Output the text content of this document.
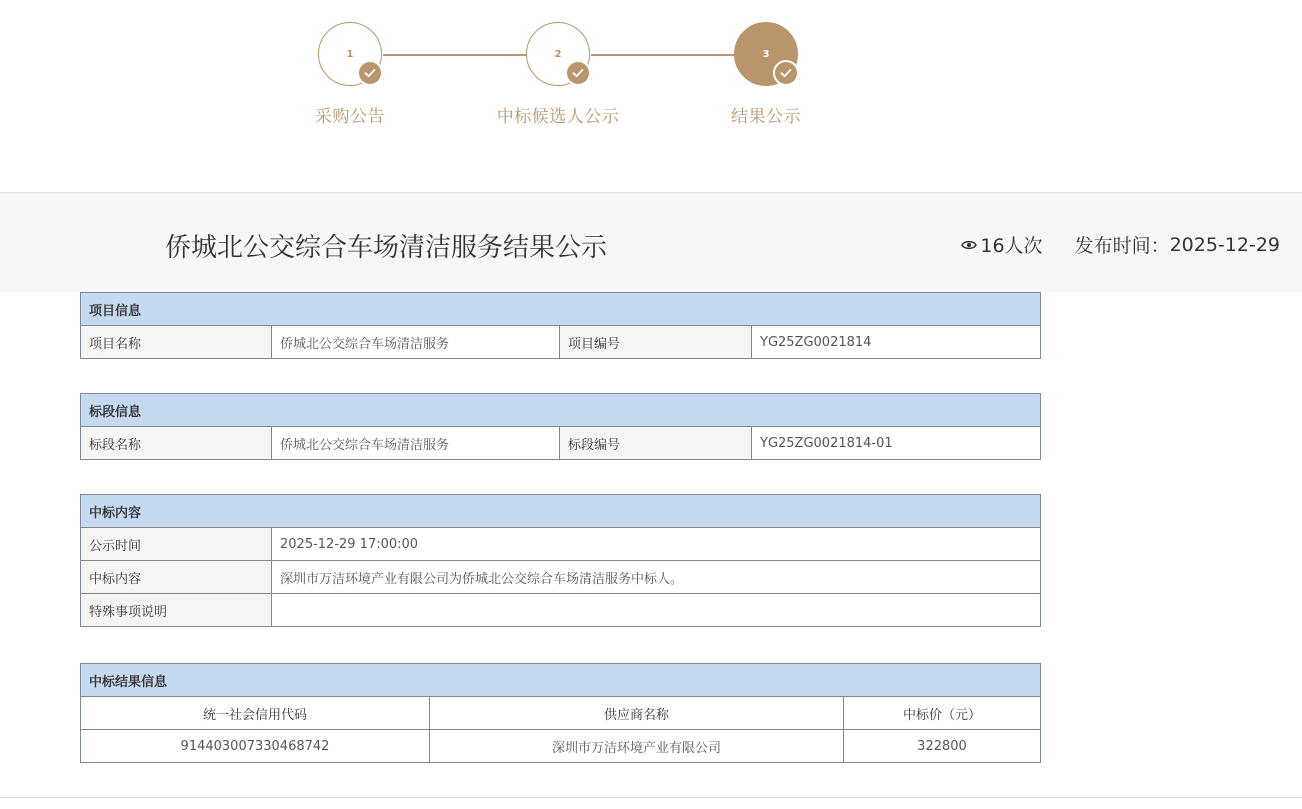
1
采购公告
2
中标候选人公示
3
结果公示
侨城北公交综合车场清洁服务结果公示	16人次 发布时间： 2025-12-29
项目信息
项目名称	侨城北公交综合车场清洁服务	项目编号	YG25ZG0021814
标段信息
标段名称	侨城北公交综合车场清洁服务	标段编号	YG25ZG0021814-01
中标内容	
公示时间	2025-12-29 17:00:00
中标内容	深圳市万洁环境产业有限公司为侨城北公交综合车场清洁服务中标人。
特殊事项说明	
中标结果信息		
统一社会信用代码	供应商名称	中标价（元）
914403007330468742	深圳市万洁环境产业有限公司	322800
